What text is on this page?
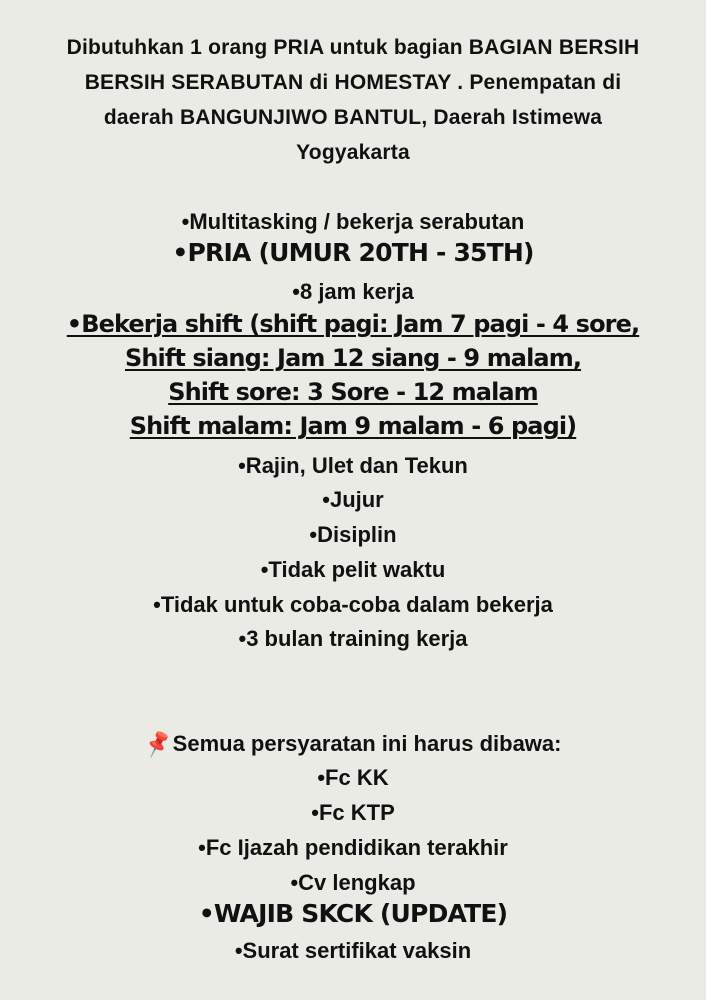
Dibutuhkan 1 orang PRIA untuk bagian BAGIAN BERSIH
BERSIH SERABUTAN di HOMESTAY . Penempatan di
daerah BANGUNJIWO BANTUL, Daerah Istimewa
Yogyakarta
•Multitasking / bekerja serabutan
•PRIA (UMUR 20TH - 35TH)
•8 jam kerja
•Bekerja shift (shift pagi: Jam 7 pagi - 4 sore,
Shift siang: Jam 12 siang - 9 malam,
Shift sore: 3 Sore - 12 malam
Shift malam: Jam 9 malam - 6 pagi)
•Rajin, Ulet dan Tekun
•Jujur
•Disiplin
•Tidak pelit waktu
•Tidak untuk coba-coba dalam bekerja
•3 bulan training kerja
📌Semua persyaratan ini harus dibawa:
•Fc KK
•Fc KTP
•Fc Ijazah pendidikan terakhir
•Cv lengkap
•WAJIB SKCK (UPDATE)
•Surat sertifikat vaksin
